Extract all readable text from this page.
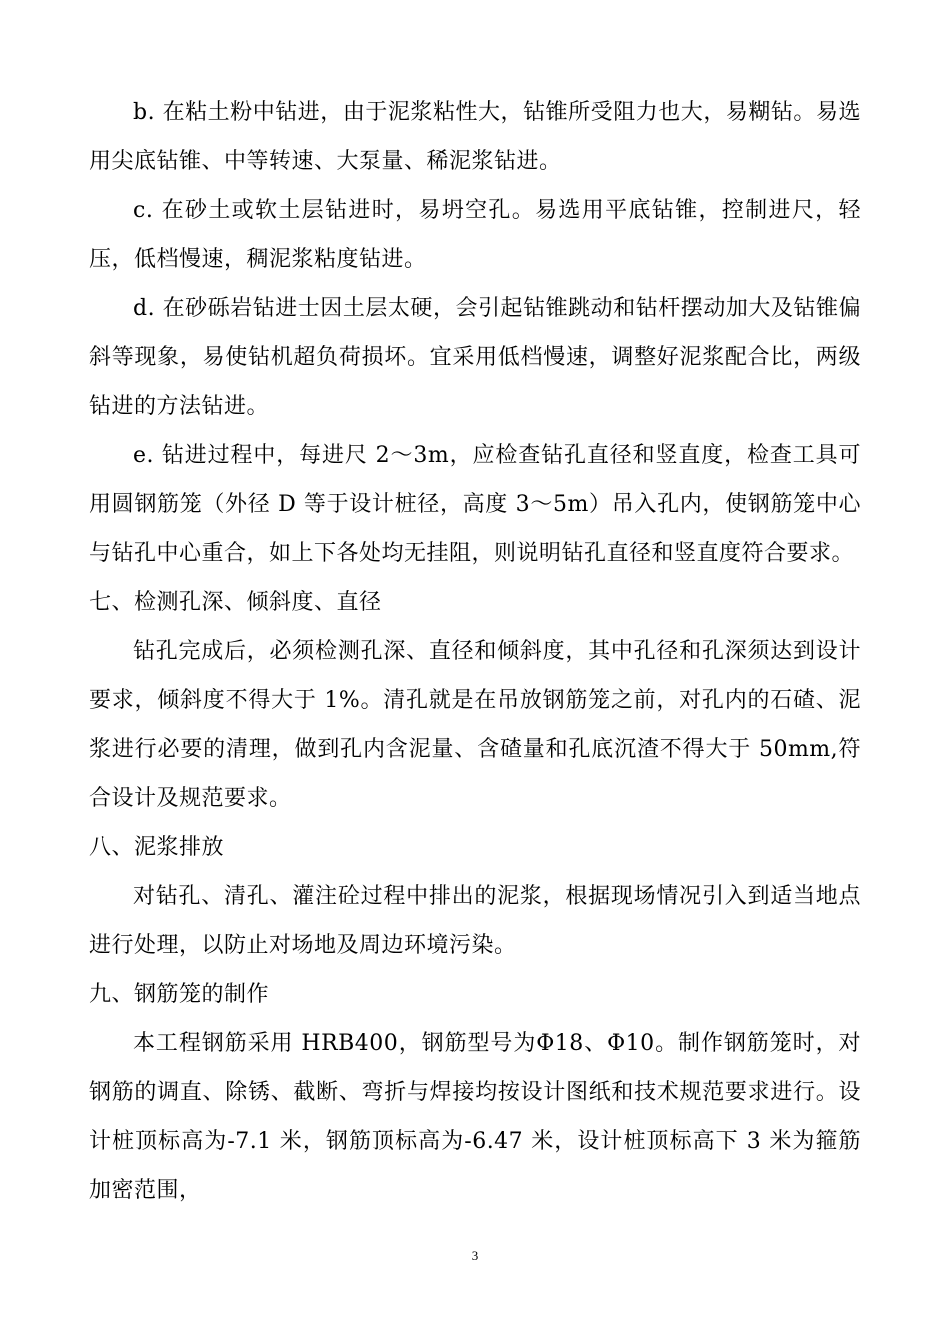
b. 在粘土粉中钻进，由于泥浆粘性大，钻锥所受阻力也大，易糊钻。易选用尖底钻锥、中等转速、大泵量、稀泥浆钻进。

c. 在砂土或软土层钻进时，易坍空孔。易选用平底钻锥，控制进尺，轻压，低档慢速，稠泥浆粘度钻进。

d. 在砂砾岩钻进士因土层太硬，会引起钻锥跳动和钻杆摆动加大及钻锥偏斜等现象，易使钻机超负荷损坏。宜采用低档慢速，调整好泥浆配合比，两级钻进的方法钻进。

e. 钻进过程中，每进尺 2～3m，应检查钻孔直径和竖直度，检查工具可用圆钢筋笼（外径 D 等于设计桩径，高度 3～5m）吊入孔内，使钢筋笼中心与钻孔中心重合，如上下各处均无挂阻，则说明钻孔直径和竖直度符合要求。

七、检测孔深、倾斜度、直径

钻孔完成后，必须检测孔深、直径和倾斜度，其中孔径和孔深须达到设计要求，倾斜度不得大于 1%。清孔就是在吊放钢筋笼之前，对孔内的石碴、泥浆进行必要的清理，做到孔内含泥量、含碴量和孔底沉渣不得大于 50mm,符合设计及规范要求。

八、泥浆排放

对钻孔、清孔、灌注砼过程中排出的泥浆，根据现场情况引入到适当地点进行处理，以防止对场地及周边环境污染。

九、钢筋笼的制作

本工程钢筋采用 HRB400，钢筋型号为Φ18、Φ10。制作钢筋笼时，对钢筋的调直、除锈、截断、弯折与焊接均按设计图纸和技术规范要求进行。设计桩顶标高为-7.1 米，钢筋顶标高为-6.47 米，设计桩顶标高下 3 米为箍筋加密范围，

3
